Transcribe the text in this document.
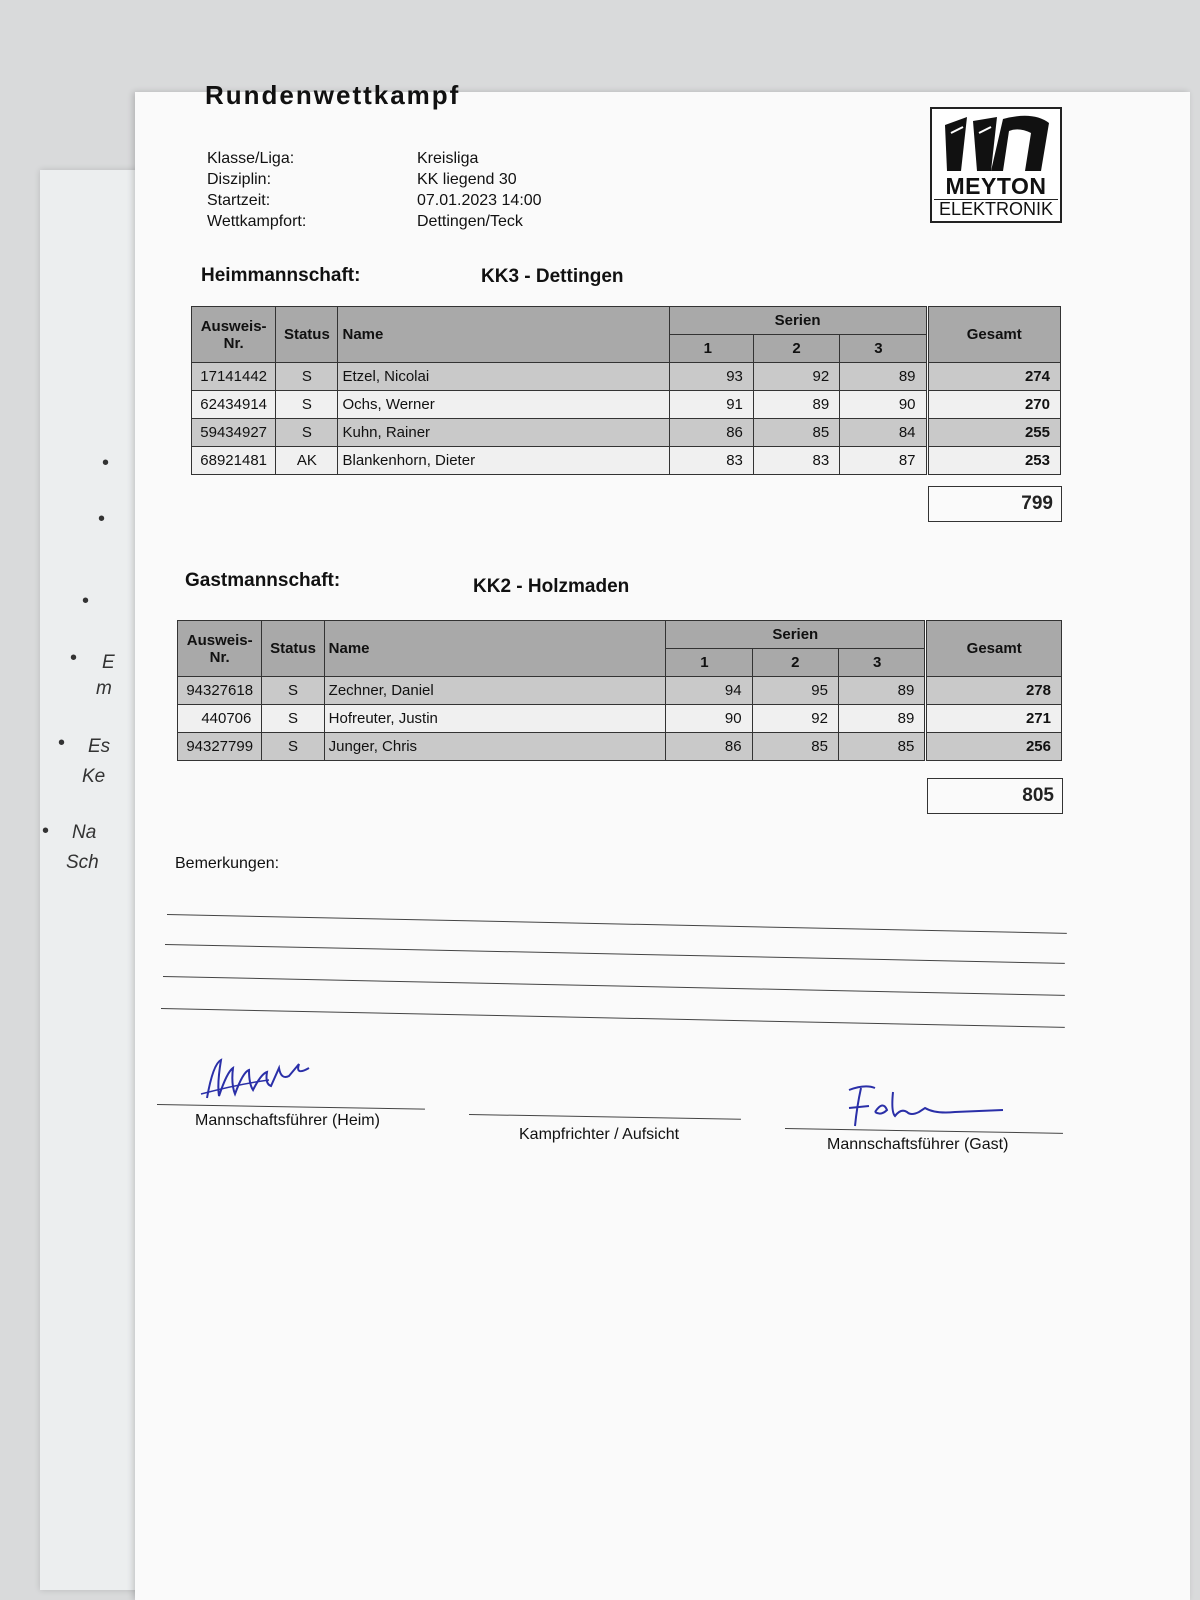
•
•
•
• E
m
• Es
Ke
• Na
Sch
Rundenwettkampf
Klasse/Liga:	Kreisliga
Disziplin:	KK liegend 30
Startzeit:	07.01.2023 14:00
Wettkampfort:	Dettingen/Teck
MEYTON
ELEKTRONIK
Heimmannschaft:	KK3 - Dettingen
Ausweis-Nr.	Status	Name	Serien				Gesamt
			1	2	3		
17141442	S	Etzel, Nicolai	93	92	89		274
62434914	S	Ochs, Werner	91	89	90		270
59434927	S	Kuhn, Rainer	86	85	84		255
68921481	AK	Blankenhorn, Dieter	83	83	87		253
799
Gastmannschaft:	KK2 - Holzmaden
Ausweis-Nr.	Status	Name	Serien				Gesamt
			1	2	3		
94327618	S	Zechner, Daniel	94	95	89		278
440706	S	Hofreuter, Justin	90	92	89		271
94327799	S	Junger, Chris	86	85	85		256
805
Bemerkungen:
Mannschaftsführer (Heim)
Kampfrichter / Aufsicht
Mannschaftsführer (Gast)
